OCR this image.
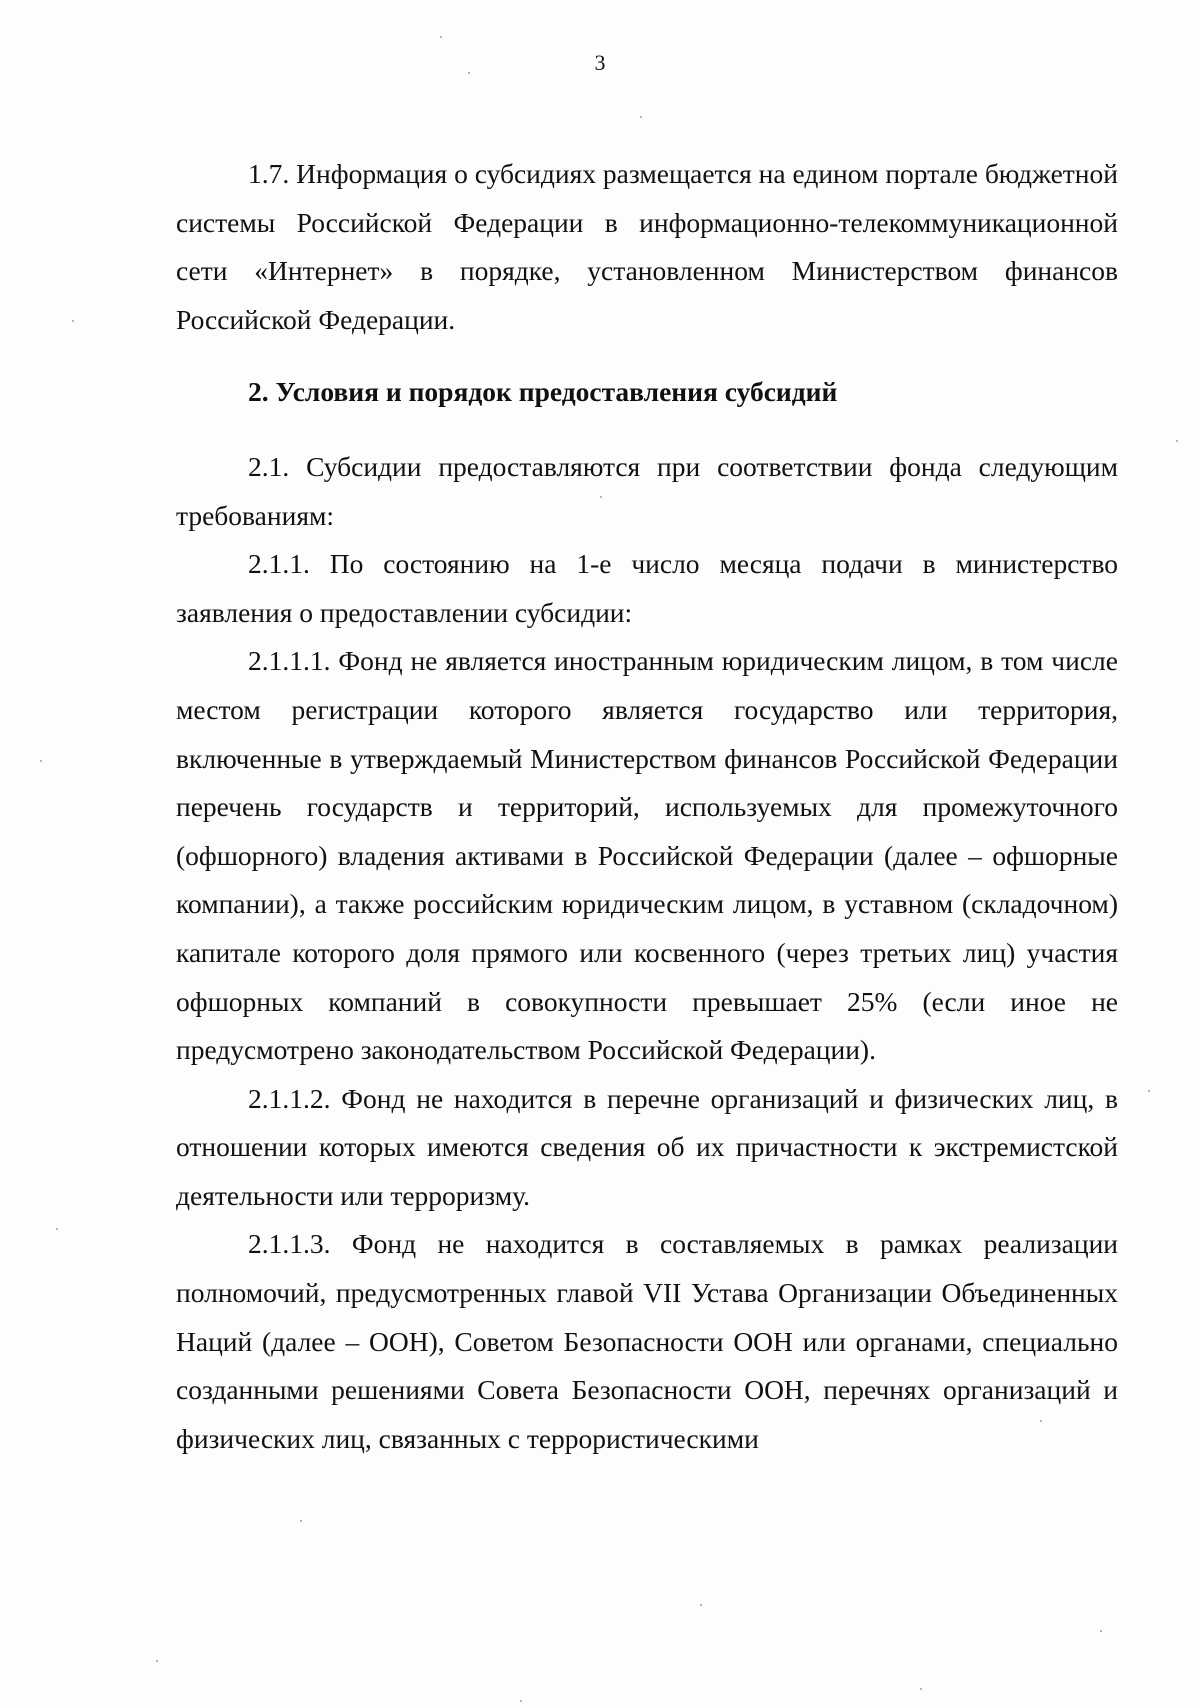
3

1.7. Информация о субсидиях размещается на едином портале бюджетной системы Российской Федерации в информационно-телекоммуникационной сети «Интернет» в порядке, установленном Министерством финансов Российской Федерации.

2. Условия и порядок предоставления субсидий

2.1. Субсидии предоставляются при соответствии фонда следующим требованиям:

2.1.1. По состоянию на 1-е число месяца подачи в министерство заявления о предоставлении субсидии:

2.1.1.1. Фонд не является иностранным юридическим лицом, в том числе местом регистрации которого является государство или территория, включенные в утверждаемый Министерством финансов Российской Федерации перечень государств и территорий, используемых для промежуточного (офшорного) владения активами в Российской Федерации (далее – офшорные компании), а также российским юридическим лицом, в уставном (складочном) капитале которого доля прямого или косвенного (через третьих лиц) участия офшорных компаний в совокупности превышает 25% (если иное не предусмотрено законодательством Российской Федерации).

2.1.1.2. Фонд не находится в перечне организаций и физических лиц, в отношении которых имеются сведения об их причастности к экстремистской деятельности или терроризму.

2.1.1.3. Фонд не находится в составляемых в рамках реализации полномочий, предусмотренных главой VII Устава Организации Объединенных Наций (далее – ООН), Советом Безопасности ООН или органами, специально созданными решениями Совета Безопасности ООН, перечнях организаций и физических лиц, связанных с террористическими
